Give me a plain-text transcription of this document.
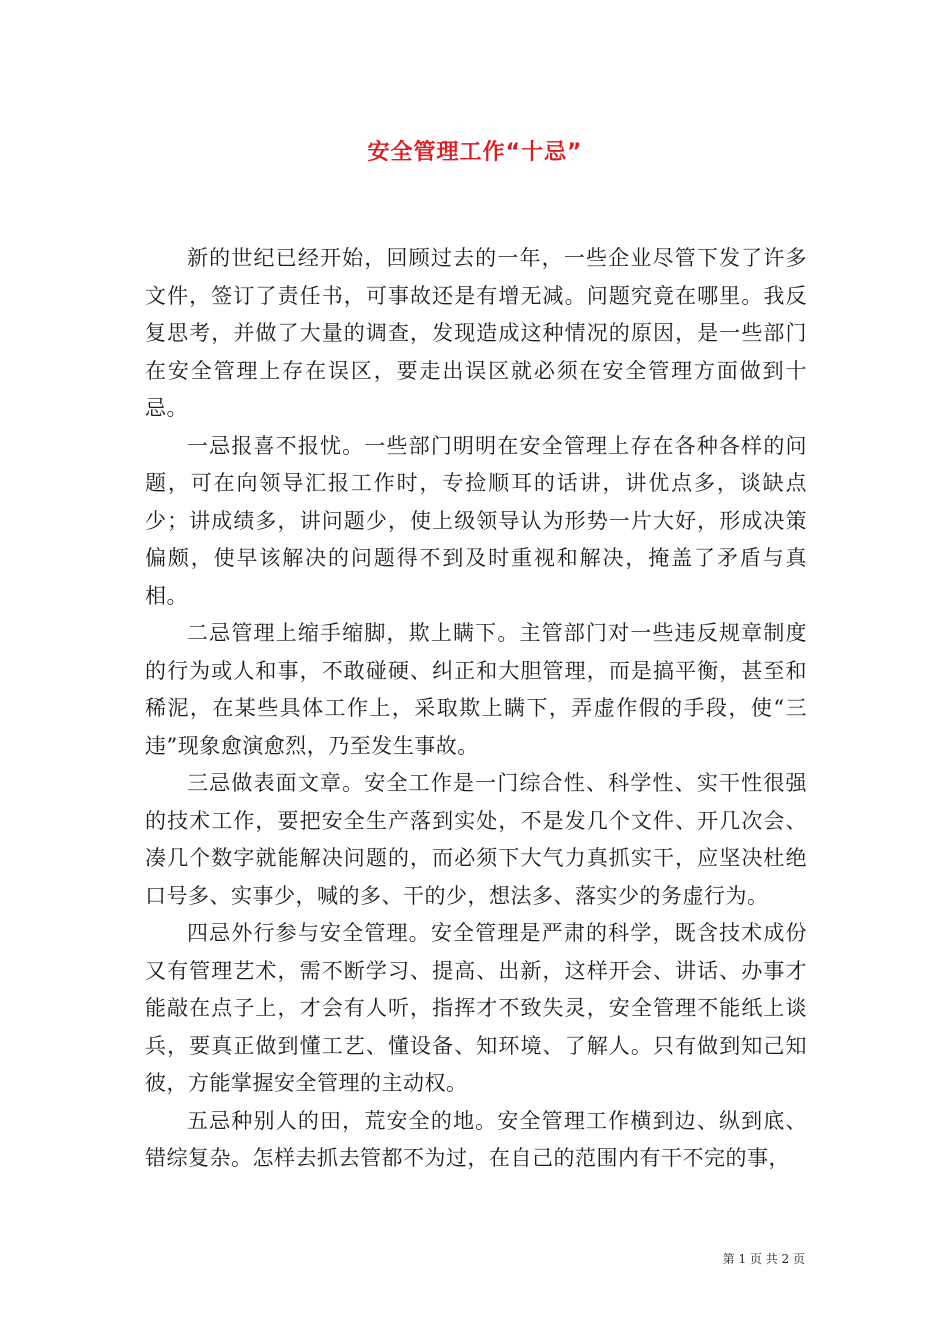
安全管理工作“十忌”

新的世纪已经开始，回顾过去的一年，一些企业尽管下发了许多文件，签订了责任书，可事故还是有增无减。问题究竟在哪里。我反复思考，并做了大量的调查，发现造成这种情况的原因，是一些部门在安全管理上存在误区，要走出误区就必须在安全管理方面做到十忌。

一忌报喜不报忧。一些部门明明在安全管理上存在各种各样的问题，可在向领导汇报工作时，专捡顺耳的话讲，讲优点多，谈缺点少；讲成绩多，讲问题少，使上级领导认为形势一片大好，形成决策偏颇，使早该解决的问题得不到及时重视和解决，掩盖了矛盾与真相。

二忌管理上缩手缩脚，欺上瞒下。主管部门对一些违反规章制度的行为或人和事，不敢碰硬、纠正和大胆管理，而是搞平衡，甚至和稀泥，在某些具体工作上，采取欺上瞒下，弄虚作假的手段，使“三违”现象愈演愈烈，乃至发生事故。

三忌做表面文章。安全工作是一门综合性、科学性、实干性很强的技术工作，要把安全生产落到实处，不是发几个文件、开几次会、凑几个数字就能解决问题的，而必须下大气力真抓实干，应坚决杜绝口号多、实事少，喊的多、干的少，想法多、落实少的务虚行为。

四忌外行参与安全管理。安全管理是严肃的科学，既含技术成份又有管理艺术，需不断学习、提高、出新，这样开会、讲话、办事才能敲在点子上，才会有人听，指挥才不致失灵，安全管理不能纸上谈兵，要真正做到懂工艺、懂设备、知环境、了解人。只有做到知己知彼，方能掌握安全管理的主动权。

五忌种别人的田，荒安全的地。安全管理工作横到边、纵到底、错综复杂。怎样去抓去管都不为过，在自己的范围内有干不完的事，

第 1 页 共 2 页
